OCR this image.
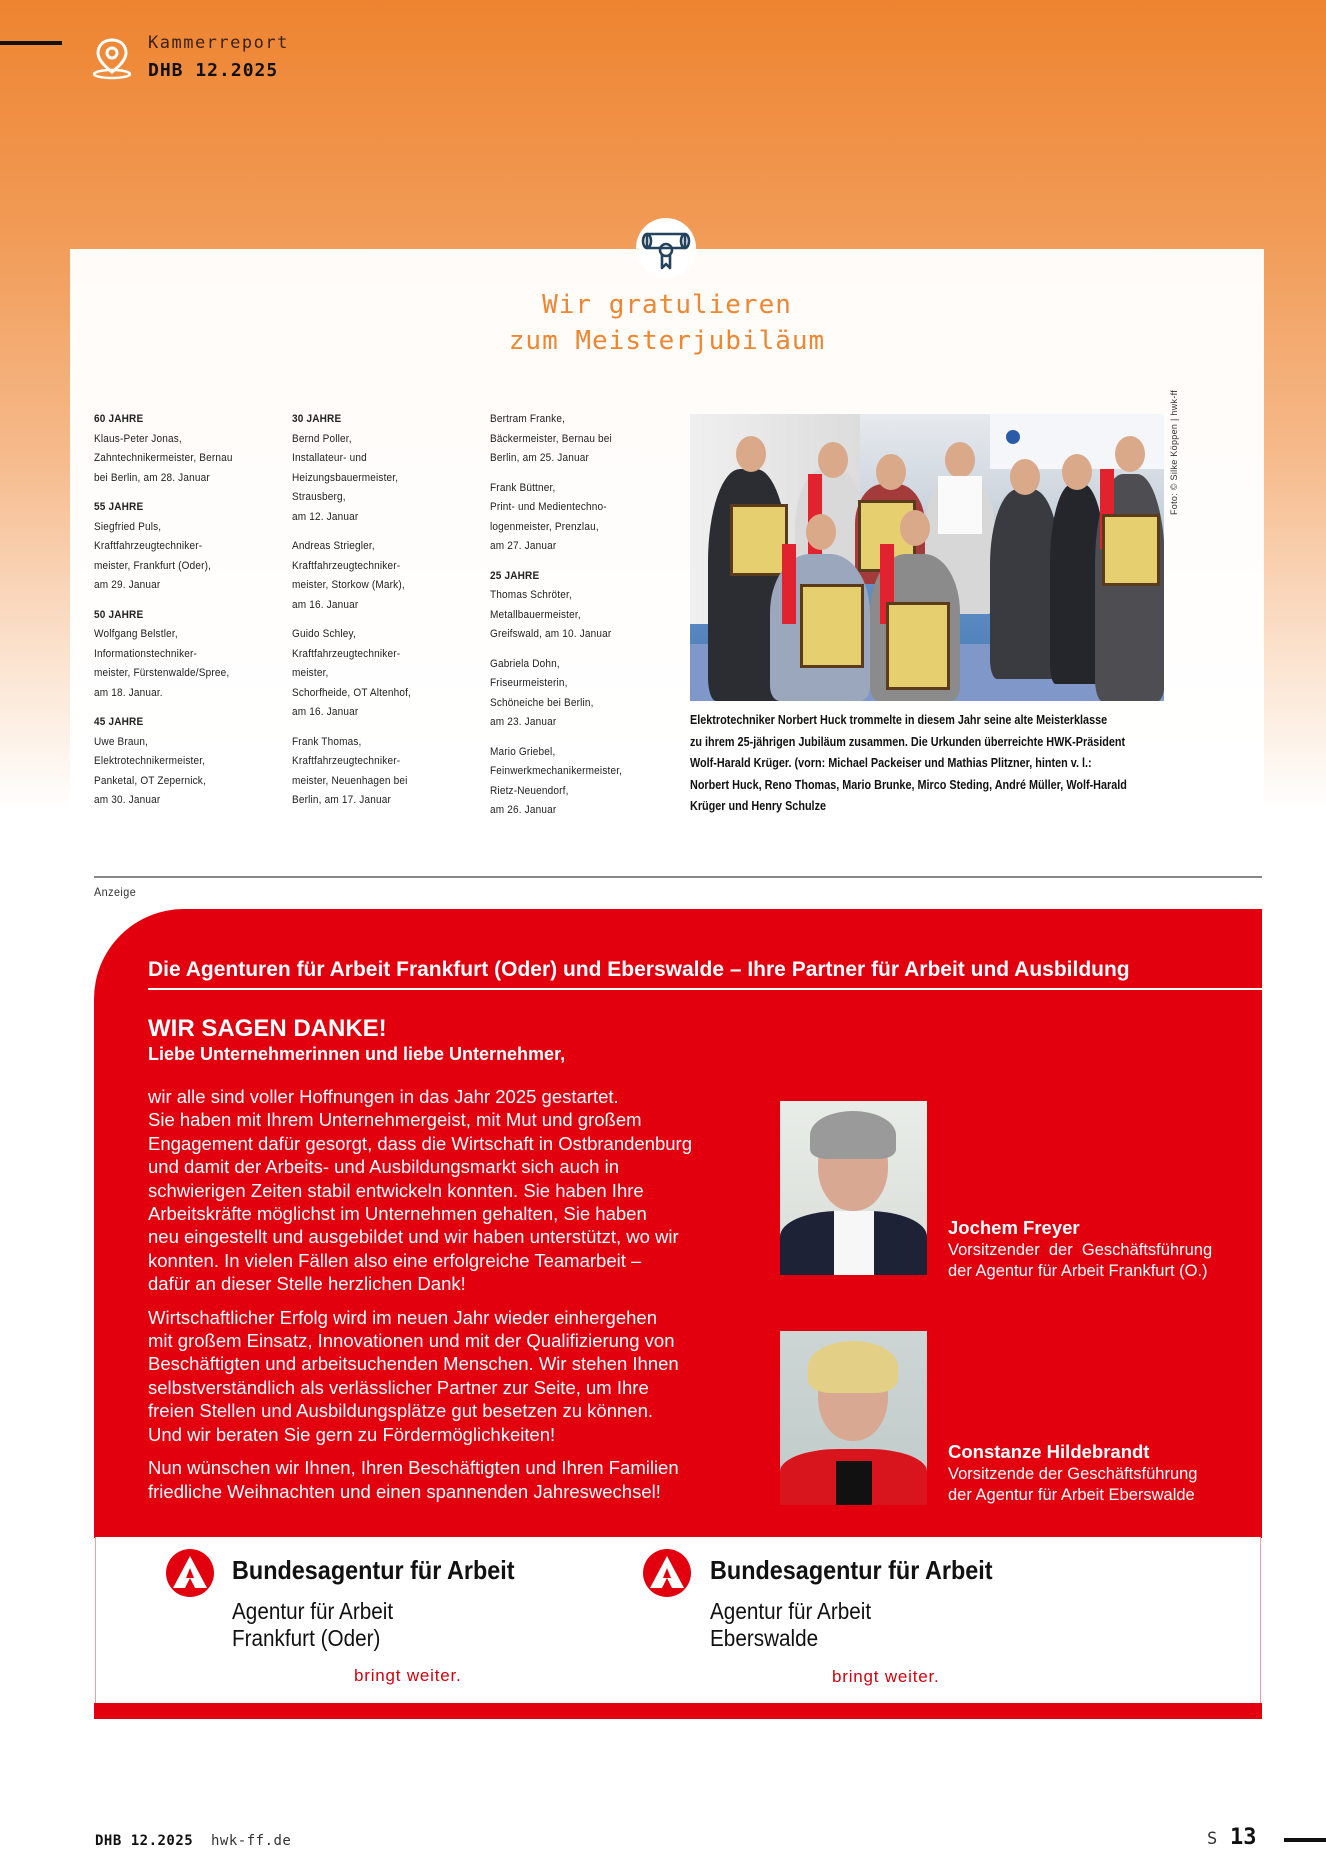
Kammerreport
DHB 12.2025
Wir gratulieren
zum Meisterjubiläum
60 JAHRE
Klaus-Peter Jonas,
Zahntechnikermeister, Bernau
bei Berlin, am 28. Januar
55 JAHRE
Siegfried Puls,
Kraftfahrzeugtechniker-
meister, Frankfurt (Oder),
am 29. Januar
50 JAHRE
Wolfgang Belstler,
Informationstechniker-
meister, Fürstenwalde/Spree,
am 18. Januar.
45 JAHRE
Uwe Braun,
Elektrotechnikermeister,
Panketal, OT Zepernick,
am 30. Januar
30 JAHRE
Bernd Poller,
Installateur- und
Heizungsbauermeister,
Strausberg,
am 12. Januar
Andreas Striegler,
Kraftfahrzeugtechniker-
meister, Storkow (Mark),
am 16. Januar
Guido Schley,
Kraftfahrzeugtechniker-
meister,
Schorfheide, OT Altenhof,
am 16. Januar
Frank Thomas,
Kraftfahrzeugtechniker-
meister, Neuenhagen bei
Berlin, am 17. Januar
Bertram Franke,
Bäckermeister, Bernau bei
Berlin, am 25. Januar
Frank Büttner,
Print- und Medientechno-
logenmeister, Prenzlau,
am 27. Januar
25 JAHRE
Thomas Schröter,
Metallbauermeister,
Greifswald, am 10. Januar
Gabriela Dohn,
Friseurmeisterin,
Schöneiche bei Berlin,
am 23. Januar
Mario Griebel,
Feinwerkmechanikermeister,
Rietz-Neuendorf,
am 26. Januar
Foto: © Silke Köppen | hwk-ff
Elektrotechniker Norbert Huck trommelte in diesem Jahr seine alte Meisterklasse
zu ihrem 25-jährigen Jubiläum zusammen. Die Urkunden überreichte HWK-Präsident
Wolf-Harald Krüger. (vorn: Michael Packeiser und Mathias Plitzner, hinten v. l.:
Norbert Huck, Reno Thomas, Mario Brunke, Mirco Steding, André Müller, Wolf-Harald
Krüger und Henry Schulze
Anzeige
Die Agenturen für Arbeit Frankfurt (Oder) und Eberswalde – Ihre Partner für Arbeit und Ausbildung
WIR SAGEN DANKE!
Liebe Unternehmerinnen und liebe Unternehmer,

wir alle sind voller Hoffnungen in das Jahr 2025 gestartet.
Sie haben mit Ihrem Unternehmergeist, mit Mut und großem
Engagement dafür gesorgt, dass die Wirtschaft in Ostbrandenburg
und damit der Arbeits- und Ausbildungsmarkt sich auch in
schwierigen Zeiten stabil entwickeln konnten. Sie haben Ihre
Arbeitskräfte möglichst im Unternehmen gehalten, Sie haben
neu eingestellt und ausgebildet und wir haben unterstützt, wo wir
konnten. In vielen Fällen also eine erfolgreiche Teamarbeit –
dafür an dieser Stelle herzlichen Dank!

Wirtschaftlicher Erfolg wird im neuen Jahr wieder einhergehen
mit großem Einsatz, Innovationen und mit der Qualifizierung von
Beschäftigten und arbeitsuchenden Menschen. Wir stehen Ihnen
selbstverständlich als verlässlicher Partner zur Seite, um Ihre
freien Stellen und Ausbildungsplätze gut besetzen zu können.
Und wir beraten Sie gern zu Fördermöglichkeiten!

Nun wünschen wir Ihnen, Ihren Beschäftigten und Ihren Familien
friedliche Weihnachten und einen spannenden Jahreswechsel!

Jochem Freyer
Vorsitzender  der  Geschäftsführung
der Agentur für Arbeit Frankfurt (O.)
Constanze Hildebrandt
Vorsitzende der Geschäftsführung
der Agentur für Arbeit Eberswalde
Bundesagentur für Arbeit
Agentur für Arbeit
Frankfurt (Oder)
bringt weiter.
Bundesagentur für Arbeit
Agentur für Arbeit
Eberswalde
bringt weiter.
DHB 12.2025 hwk-ff.de	S 13
